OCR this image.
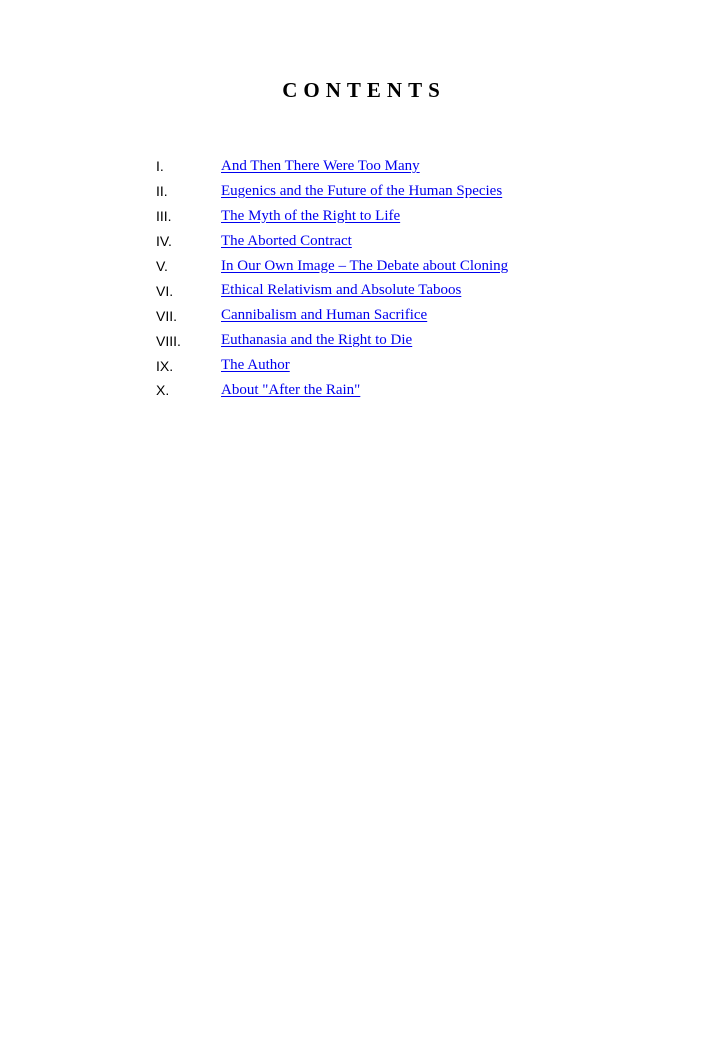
CONTENTS
I.	And Then There Were Too Many
II.	Eugenics and the Future of the Human Species
III.	The Myth of the Right to Life
IV.	The Aborted Contract
V.	In Our Own Image – The Debate about Cloning
VI.	Ethical Relativism and Absolute Taboos
VII.	Cannibalism and Human Sacrifice
VIII.	Euthanasia and the Right to Die
IX.	The Author
X.	About "After the Rain"
